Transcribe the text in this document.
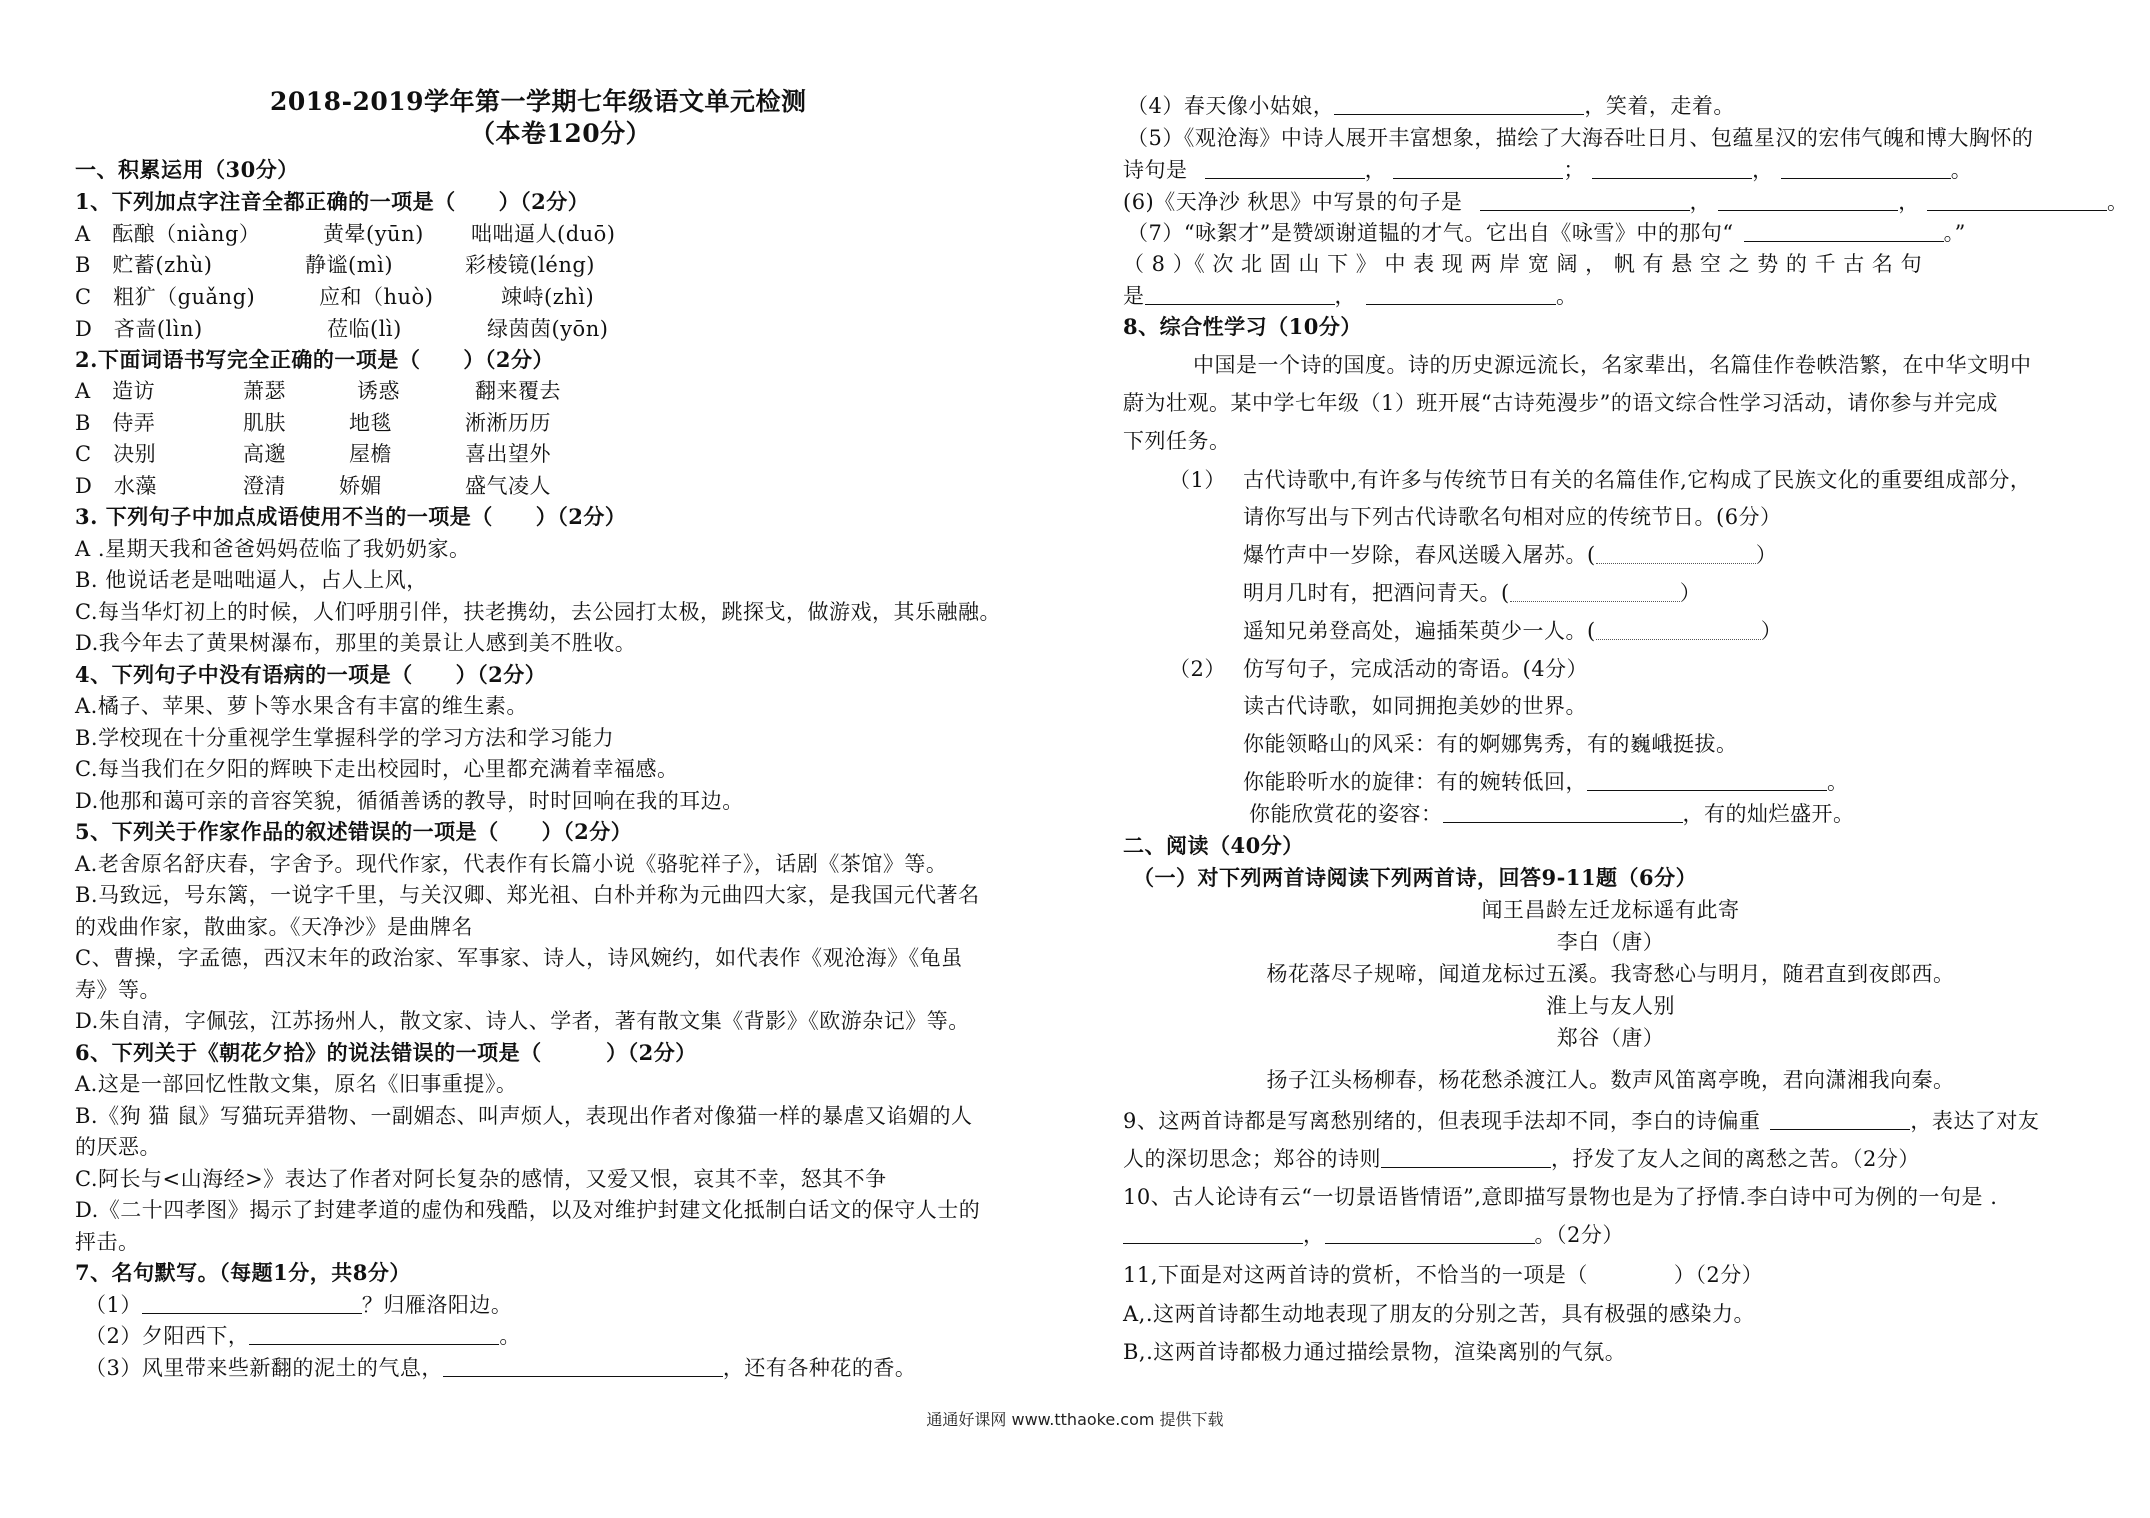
2018-2019学年第一学期七年级语文单元检测
（本卷120分）
一、积累运用（30分）
1、下列加点字注音全都正确的一项是（　　）（2分）
A　酝酿（niàng）	黄晕(yūn) 咄咄逼人(duō)
B　贮蓄(zhù)	静谧(mì)	彩棱镜(léng)
C　粗犷（guǎng)	应和（huò)	竦峙(zhì)
D　吝啬(lìn)	莅临(lì)	绿茵茵(yōn)
2.下面词语书写完全正确的一项是（　　）（2分）
A　造访	萧瑟	诱惑	翻来覆去
B　侍弄	肌肤	地毯	淅淅历历
C　决别	高邈	屋檐	喜出望外
D　水藻	澄清	娇媚	盛气凌人
3. 下列句子中加点成语使用不当的一项是（　　）（2分）
A .星期天我和爸爸妈妈莅临了我奶奶家。
B. 他说话老是咄咄逼人，占人上风，
C.每当华灯初上的时候，人们呼朋引伴，扶老携幼，去公园打太极，跳探戈，做游戏，其乐融融。
D.我今年去了黄果树瀑布，那里的美景让人感到美不胜收。
4、下列句子中没有语病的一项是（　　）（2分）
A.橘子、苹果、萝卜等水果含有丰富的维生素。
B.学校现在十分重视学生掌握科学的学习方法和学习能力
C.每当我们在夕阳的辉映下走出校园时，心里都充满着幸福感。
D.他那和蔼可亲的音容笑貌，循循善诱的教导，时时回响在我的耳边。
5、下列关于作家作品的叙述错误的一项是（　　）（2分）
A.老舍原名舒庆春，字舍予。现代作家，代表作有长篇小说《骆驼祥子》，话剧《茶馆》等。
B.马致远，号东篱，一说字千里，与关汉卿、郑光祖、白朴并称为元曲四大家，是我国元代著名
的戏曲作家，散曲家。《天净沙》是曲牌名
C、曹操，字孟德，西汉末年的政治家、军事家、诗人，诗风婉约，如代表作《观沧海》《龟虽
寿》等。
D.朱自清，字佩弦，江苏扬州人，散文家、诗人、学者，著有散文集《背影》《欧游杂记》等。
6、下列关于《朝花夕拾》的说法错误的一项是（　　　）（2分）
A.这是一部回忆性散文集，原名《旧事重提》。
B.《狗 猫 鼠》写猫玩弄猎物、一副媚态、叫声烦人，表现出作者对像猫一样的暴虐又谄媚的人
的厌恶。
C.阿长与<山海经>》表达了作者对阿长复杂的感情，又爱又恨，哀其不幸，怒其不争
D.《二十四孝图》揭示了封建孝道的虚伪和残酷，以及对维护封建文化抵制白话文的保守人士的
抨击。
7、名句默写。（每题1分，共8分）
（1）	？归雁洛阳边。
（2）夕阳西下，	。
（3）风里带来些新翻的泥土的气息，	，还有各种花的香。
（4）春天像小姑娘，	，笑着，走着。
（5）《观沧海》中诗人展开丰富想象，描绘了大海吞吐日月、包蕴星汉的宏伟气魄和博大胸怀的
诗句是	，	；	，	。
(6)《天净沙 秋思》中写景的句子是	，	，	。
（7）“咏絮才”是赞颂谢道韫的才气。它出自《咏雪》中的那句“	。”
（ 8 ）《 次 北 固 山 下 》 中 表 现 两 岸 宽 阔 ， 帆 有 悬 空 之 势 的 千 古 名 句
是	，	。
8、综合性学习（10分）
中国是一个诗的国度。诗的历史源远流长，名家辈出，名篇佳作卷帙浩繁，在中华文明中
蔚为壮观。某中学七年级（1）班开展“古诗苑漫步”的语文综合性学习活动，请你参与并完成
下列任务。
（1） 古代诗歌中,有许多与传统节日有关的名篇佳作,它构成了民族文化的重要组成部分，
请你写出与下列古代诗歌名句相对应的传统节日。(6分）
爆竹声中一岁除，春风送暖入屠苏。(	）
明月几时有，把酒问青天。(	）
遥知兄弟登高处，遍插茱萸少一人。(	）
（2） 仿写句子，完成活动的寄语。(4分）
读古代诗歌，如同拥抱美妙的世界。
你能领略山的风采：有的婀娜隽秀，有的巍峨挺拔。
你能聆听水的旋律：有的婉转低回，	。
你能欣赏花的姿容：	，有的灿烂盛开。
二、阅读（40分）
（一）对下列两首诗阅读下列两首诗，回答9-11题（6分）
闻王昌龄左迁龙标遥有此寄
李白（唐）
杨花落尽子规啼，闻道龙标过五溪。我寄愁心与明月，随君直到夜郎西。
淮上与友人别
郑谷（唐）
扬子江头杨柳春，杨花愁杀渡江人。数声风笛离亭晚，君向潇湘我向秦。
9、这两首诗都是写离愁别绪的，但表现手法却不同，李白的诗偏重	，表达了对友
人的深切思念；郑谷的诗则	，抒发了友人之间的离愁之苦。（2分）
10、古人论诗有云“一切景语皆情语”,意即描写景物也是为了抒情.李白诗中可为例的一句是 .
，	。（2分）
11,下面是对这两首诗的赏析，不恰当的一项是（　　　　）（2分）
A,.这两首诗都生动地表现了朋友的分别之苦，具有极强的感染力。
B,.这两首诗都极力通过描绘景物，渲染离别的气氛。
通通好课网 www.tthaoke.com 提供下载
